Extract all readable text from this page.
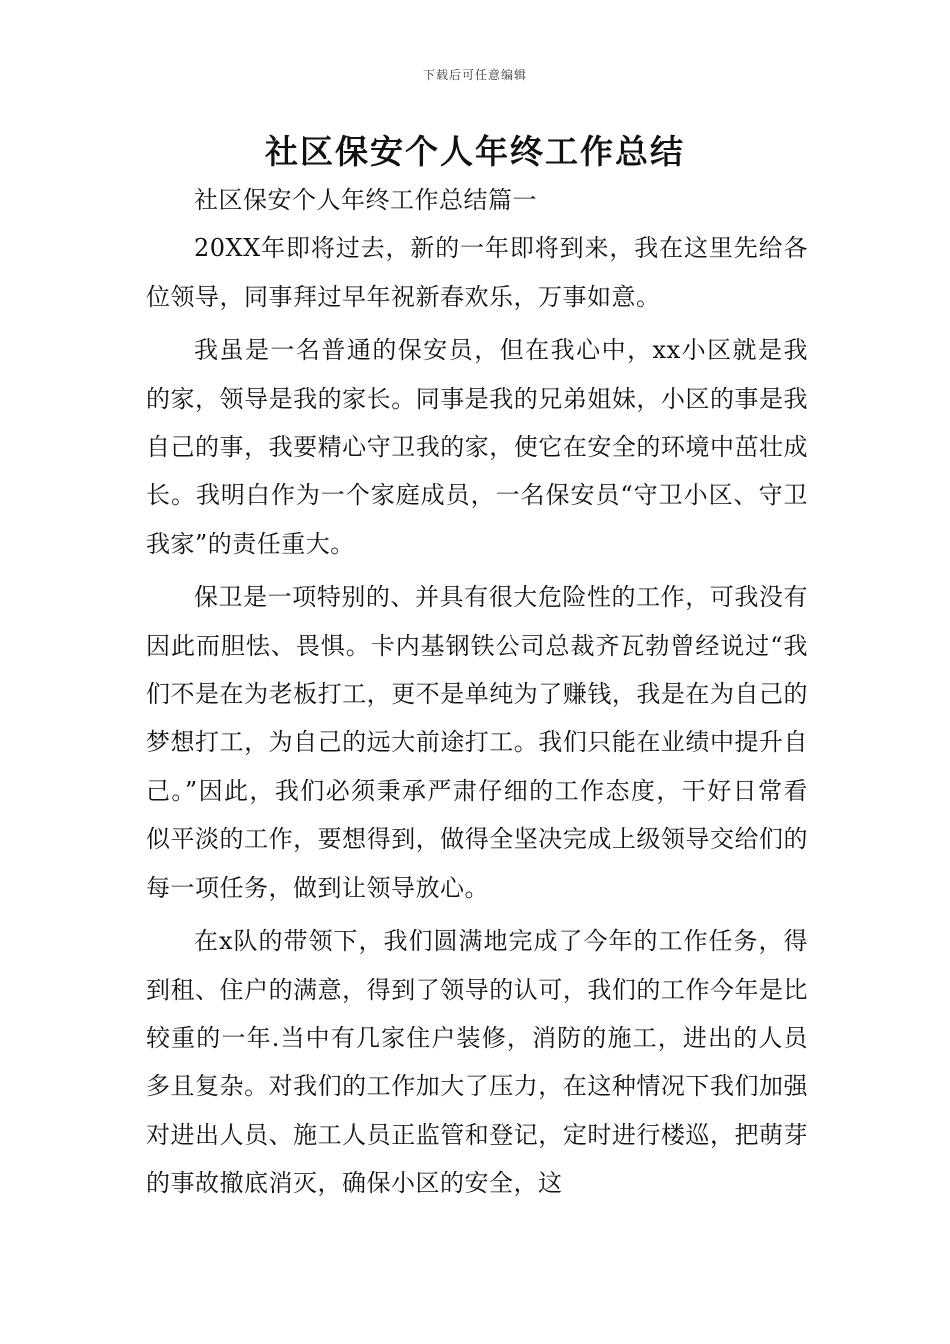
下载后可任意编辑
社区保安个人年终工作总结

社区保安个人年终工作总结篇一

20XX年即将过去，新的一年即将到来，我在这里先给各位领导，同事拜过早年祝新春欢乐，万事如意。

我虽是一名普通的保安员，但在我心中，xx小区就是我的家，领导是我的家长。同事是我的兄弟姐妹，小区的事是我自己的事，我要精心守卫我的家，使它在安全的环境中茁壮成长。我明白作为一个家庭成员，一名保安员“守卫小区、守卫我家”的责任重大。

保卫是一项特别的、并具有很大危险性的工作，可我没有因此而胆怯、畏惧。卡内基钢铁公司总裁齐瓦勃曾经说过“我们不是在为老板打工，更不是单纯为了赚钱，我是在为自己的梦想打工，为自己的远大前途打工。我们只能在业绩中提升自己。”因此，我们必须秉承严肃仔细的工作态度，干好日常看似平淡的工作，要想得到，做得全坚决完成上级领导交给们的每一项任务，做到让领导放心。

在x队的带领下，我们圆满地完成了今年的工作任务，得到租、住户的满意，得到了领导的认可，我们的工作今年是比较重的一年.当中有几家住户装修，消防的施工，进出的人员多且复杂。对我们的工作加大了压力，在这种情况下我们加强对进出人员、施工人员正监管和登记，定时进行楼巡，把萌芽的事故撤底消灭，确保小区的安全，这
